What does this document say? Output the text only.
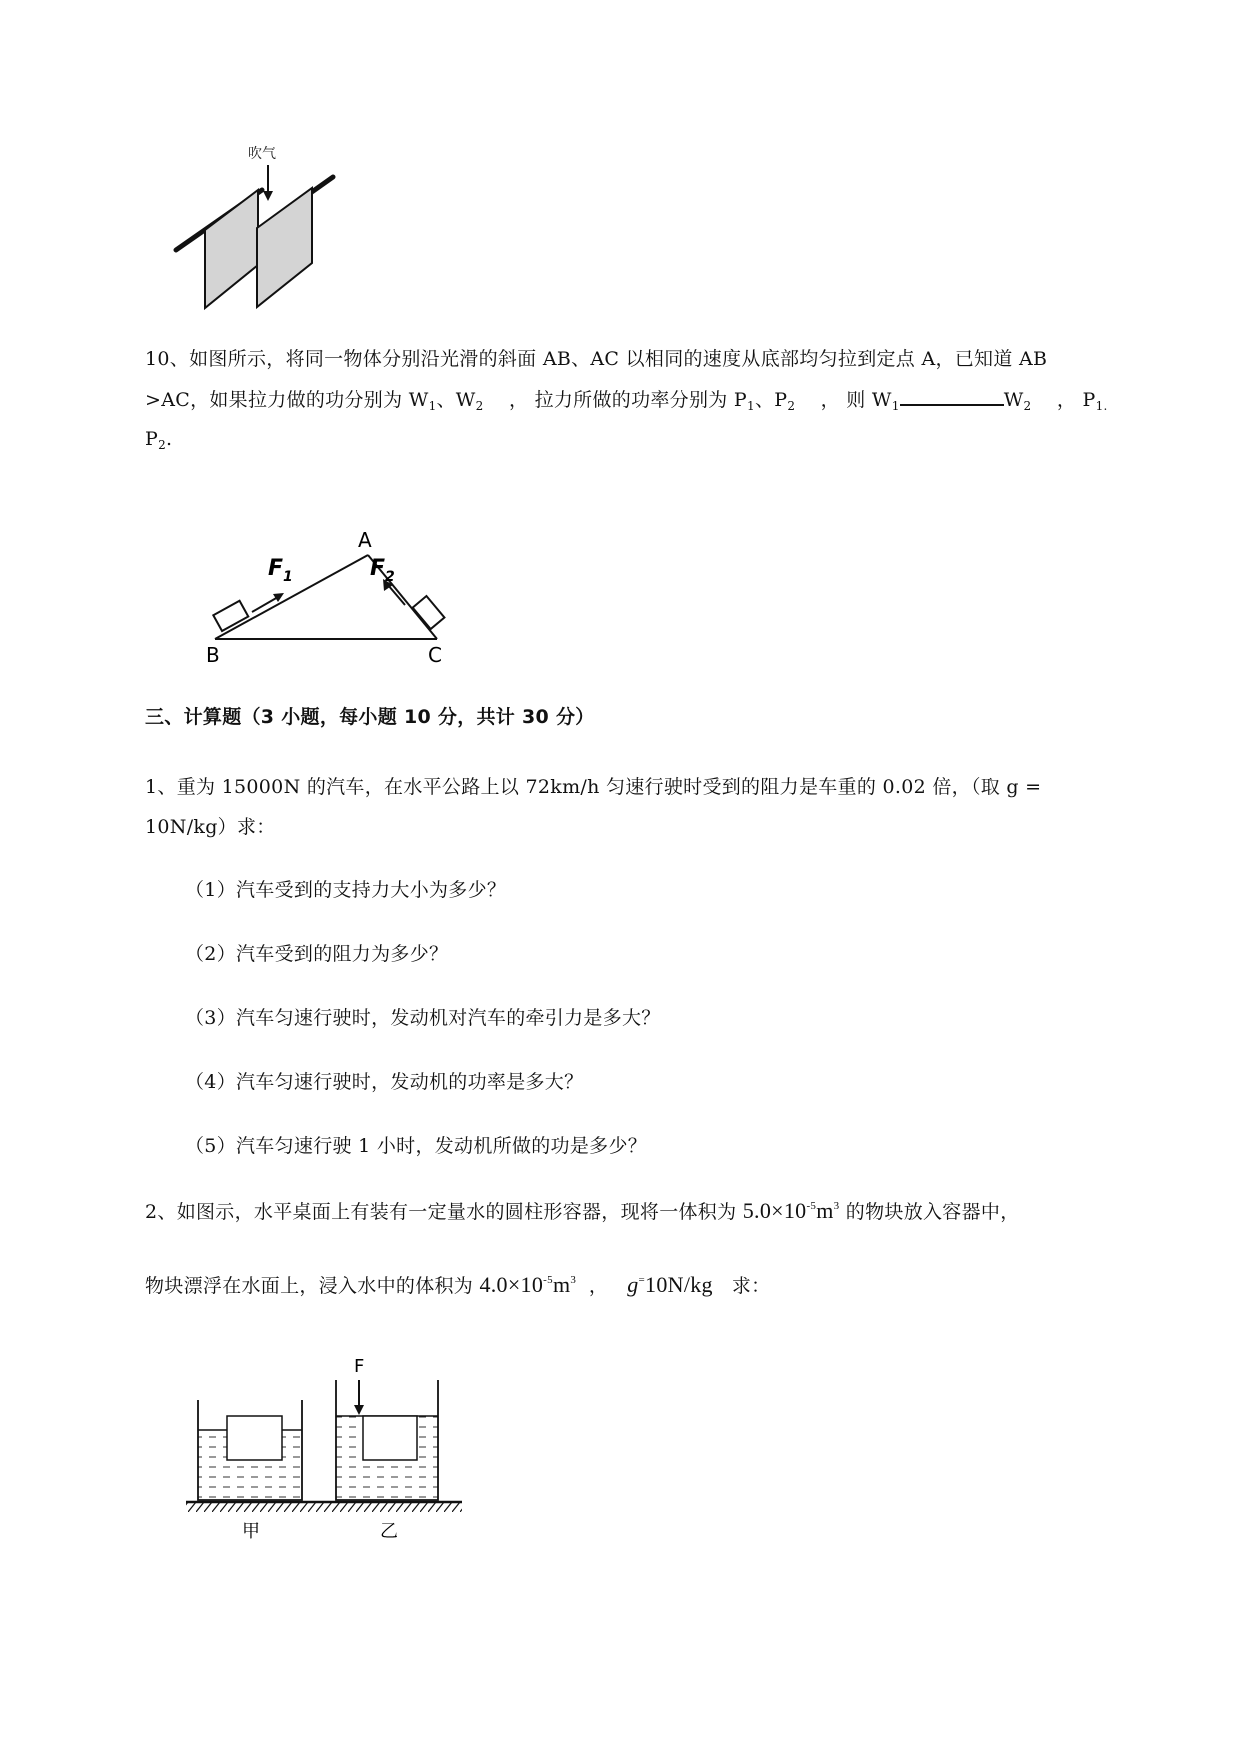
吹气
10、如图所示，将同一物体分别沿光滑的斜面 AB、AC 以相同的速度从底部均匀拉到定点 A，已知道 AB
>AC，如果拉力做的功分别为 $W_1$、$W_2$ ， 拉力所做的功率分别为 $P_1$、$P_2$ ， 则 $W_1$	$W_2$ ， $P_{1.}$
$P_2$.
A
B	C
$F_1$	$F_2$
三、计算题（3 小题，每小题 10 分，共计 30 分）
1、重为 15000N 的汽车，在水平公路上以 72km/h 匀速行驶时受到的阻力是车重的 0.02 倍，（取 g =
10N/kg）求：
（1）汽车受到的支持力大小为多少？
（2）汽车受到的阻力为多少？
（3）汽车匀速行驶时，发动机对汽车的牵引力是多大？
（4）汽车匀速行驶时，发动机的功率是多大？
（5）汽车匀速行驶 1 小时，发动机所做的功是多少？
2、如图示，水平桌面上有装有一定量水的圆柱形容器，现将一体积为 $5.0\times 10^{-5}m^3$ 的物块放入容器中，
物块漂浮在水面上，浸入水中的体积为 $4.0\times 10^{-5}m^3$ ， g=10N/kg 求：
F
甲	乙
